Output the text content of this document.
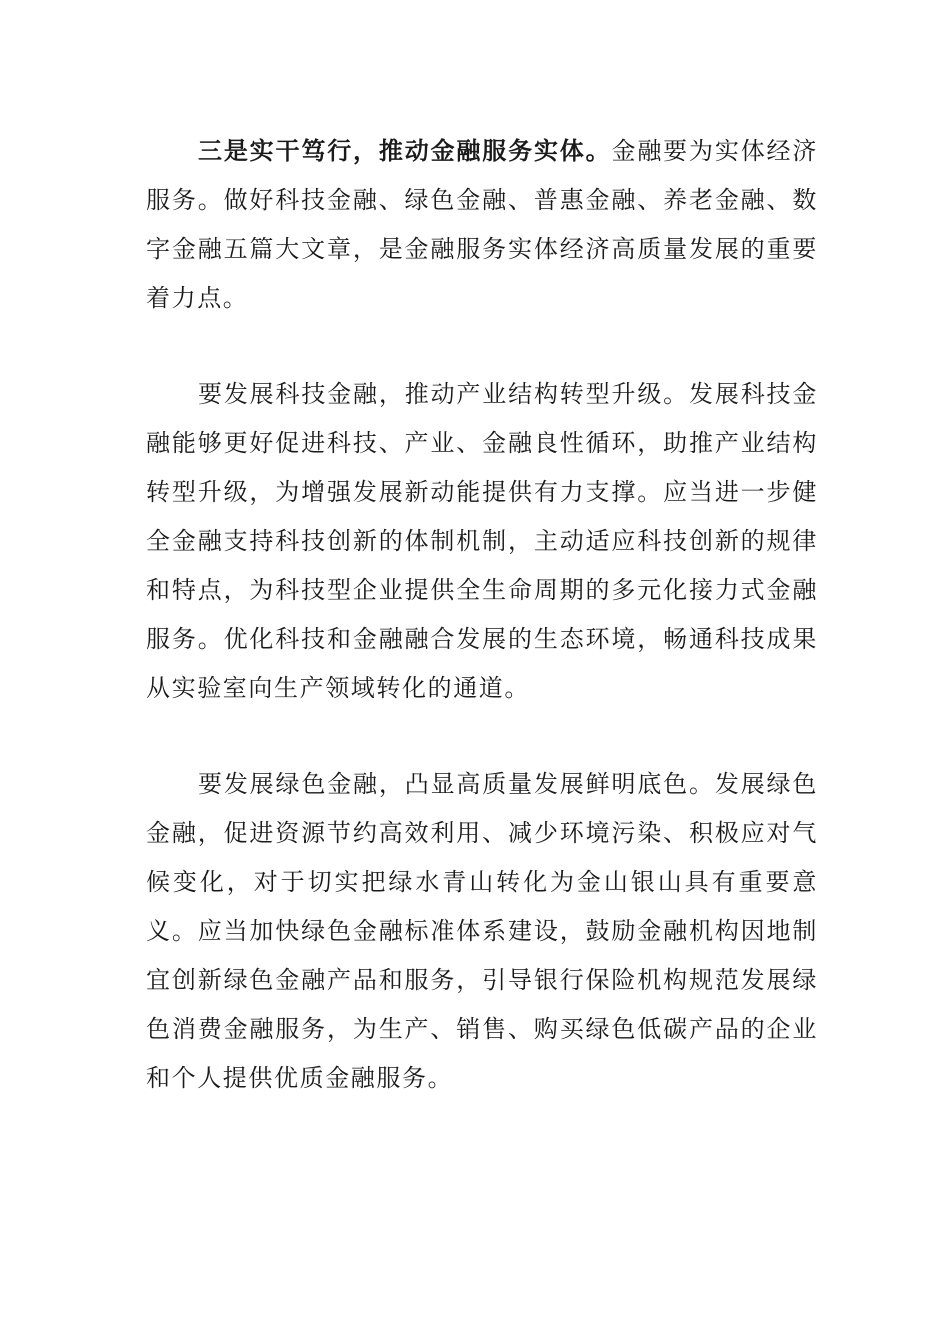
三是实干笃行，推动金融服务实体。金融要为实体经济服务。做好科技金融、绿色金融、普惠金融、养老金融、数字金融五篇大文章，是金融服务实体经济高质量发展的重要着力点。

要发展科技金融，推动产业结构转型升级。发展科技金融能够更好促进科技、产业、金融良性循环，助推产业结构转型升级，为增强发展新动能提供有力支撑。应当进一步健全金融支持科技创新的体制机制，主动适应科技创新的规律和特点，为科技型企业提供全生命周期的多元化接力式金融服务。优化科技和金融融合发展的生态环境，畅通科技成果从实验室向生产领域转化的通道。

要发展绿色金融，凸显高质量发展鲜明底色。发展绿色金融，促进资源节约高效利用、减少环境污染、积极应对气候变化，对于切实把绿水青山转化为金山银山具有重要意义。应当加快绿色金融标准体系建设，鼓励金融机构因地制宜创新绿色金融产品和服务，引导银行保险机构规范发展绿色消费金融服务，为生产、销售、购买绿色低碳产品的企业和个人提供优质金融服务。
